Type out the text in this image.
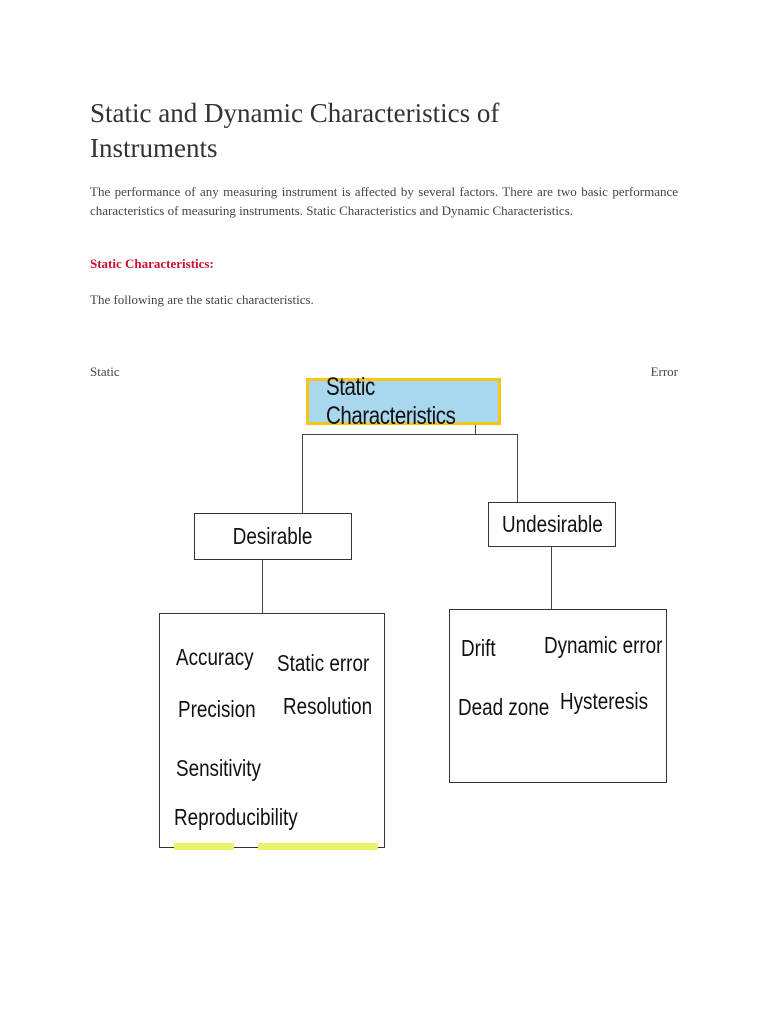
Static and Dynamic Characteristics of Instruments

The performance of any measuring instrument is affected by several factors. There are two basic performance characteristics of measuring instruments. Static Characteristics and Dynamic Characteristics.

Static Characteristics:

The following are the static characteristics.

Static	Error
Static Characteristics
Desirable	Undesirable
Accuracy Static error
Precision Resolution
Sensitivity
Reproducibility
Drift Dynamic error
Dead zone Hysteresis
